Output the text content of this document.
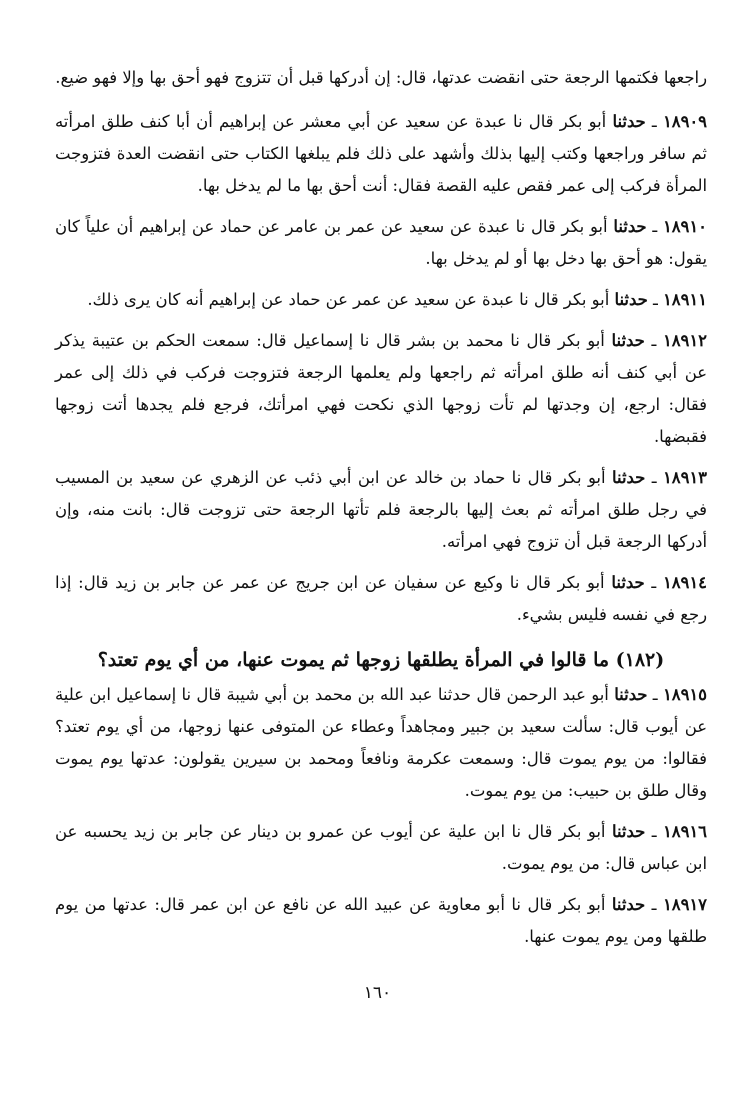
راجعها فكتمها الرجعة حتى انقضت عدتها، قال: إن أدركها قبل أن تتزوج فهو أحق بها وإلا فهو ضيع.

١٨٩٠٩ ـ حدثنا أبو بكر قال نا عبدة عن سعيد عن أبي معشر عن إبراهيم أن أبا كنف طلق امرأته ثم سافر وراجعها وكتب إليها بذلك وأشهد على ذلك فلم يبلغها الكتاب حتى انقضت العدة فتزوجت المرأة فركب إلى عمر فقص عليه القصة فقال: أنت أحق بها ما لم يدخل بها.

١٨٩١٠ ـ حدثنا أبو بكر قال نا عبدة عن سعيد عن عمر بن عامر عن حماد عن إبراهيم أن علياً كان يقول: هو أحق بها دخل بها أو لم يدخل بها.

١٨٩١١ ـ حدثنا أبو بكر قال نا عبدة عن سعيد عن عمر عن حماد عن إبراهيم أنه كان يرى ذلك.

١٨٩١٢ ـ حدثنا أبو بكر قال نا محمد بن بشر قال نا إسماعيل قال: سمعت الحكم بن عتيبة يذكر عن أبي كنف أنه طلق امرأته ثم راجعها ولم يعلمها الرجعة فتزوجت فركب في ذلك إلى عمر فقال: ارجع، إن وجدتها لم تأت زوجها الذي نكحت فهي امرأتك، فرجع فلم يجدها أتت زوجها فقبضها.

١٨٩١٣ ـ حدثنا أبو بكر قال نا حماد بن خالد عن ابن أبي ذئب عن الزهري عن سعيد بن المسيب في رجل طلق امرأته ثم بعث إليها بالرجعة فلم تأتها الرجعة حتى تزوجت قال: بانت منه، وإن أدركها الرجعة قبل أن تزوج فهي امرأته.

١٨٩١٤ ـ حدثنا أبو بكر قال نا وكيع عن سفيان عن ابن جريج عن عمر عن جابر بن زيد قال: إذا رجع في نفسه فليس بشيء.

(١٨٢) ما قالوا في المرأة يطلقها زوجها ثم يموت عنها، من أي يوم تعتد؟

١٨٩١٥ ـ حدثنا أبو عبد الرحمن قال حدثنا عبد الله بن محمد بن أبي شيبة قال نا إسماعيل ابن علية عن أيوب قال: سألت سعيد بن جبير ومجاهداً وعطاء عن المتوفى عنها زوجها، من أي يوم تعتد؟ فقالوا: من يوم يموت قال: وسمعت عكرمة ونافعاً ومحمد بن سيرين يقولون: عدتها يوم يموت وقال طلق بن حبيب: من يوم يموت.

١٨٩١٦ ـ حدثنا أبو بكر قال نا ابن علية عن أيوب عن عمرو بن دينار عن جابر بن زيد يحسبه عن ابن عباس قال: من يوم يموت.

١٨٩١٧ ـ حدثنا أبو بكر قال نا أبو معاوية عن عبيد الله عن نافع عن ابن عمر قال: عدتها من يوم طلقها ومن يوم يموت عنها.

١٦٠
